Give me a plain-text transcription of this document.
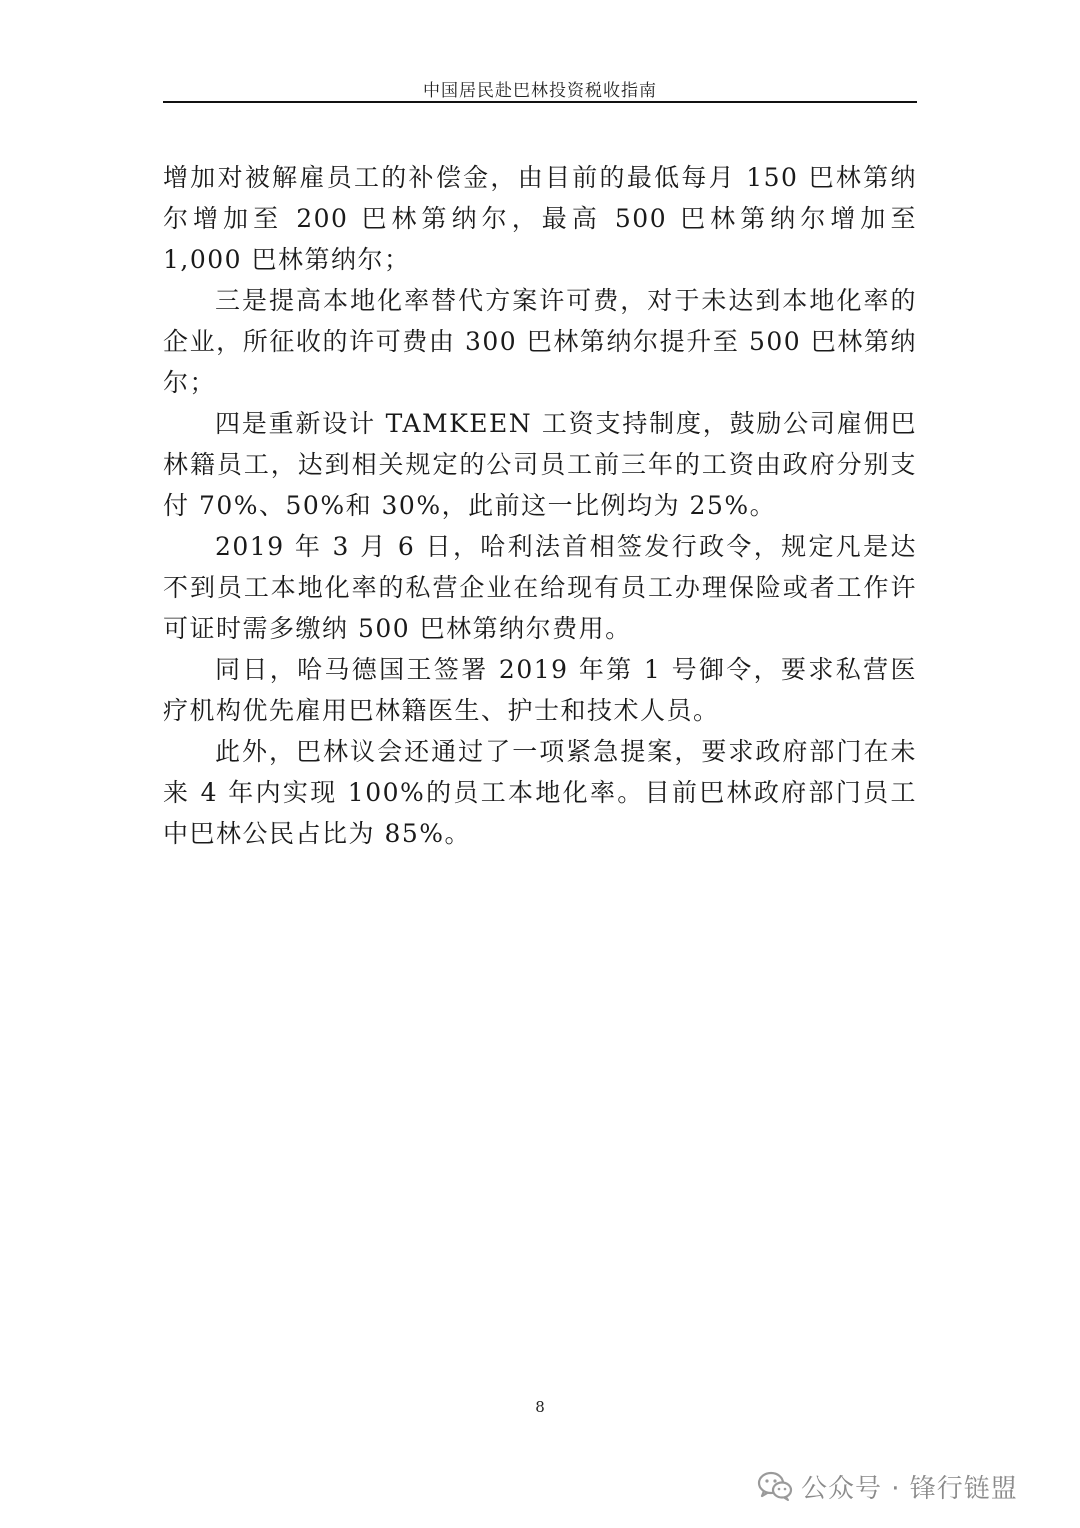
中国居民赴巴林投资税收指南

增加对被解雇员工的补偿金，由目前的最低每月 150 巴林第纳尔增加至 200 巴林第纳尔，最高 500 巴林第纳尔增加至 1,000 巴林第纳尔；

三是提高本地化率替代方案许可费，对于未达到本地化率的企业，所征收的许可费由 300 巴林第纳尔提升至 500 巴林第纳尔；

四是重新设计 TAMKEEN 工资支持制度，鼓励公司雇佣巴林籍员工，达到相关规定的公司员工前三年的工资由政府分别支付 70%、50%和 30%，此前这一比例均为 25%。

2019 年 3 月 6 日，哈利法首相签发行政令，规定凡是达不到员工本地化率的私营企业在给现有员工办理保险或者工作许可证时需多缴纳 500 巴林第纳尔费用。

同日，哈马德国王签署 2019 年第 1 号御令，要求私营医疗机构优先雇用巴林籍医生、护士和技术人员。

此外，巴林议会还通过了一项紧急提案，要求政府部门在未来 4 年内实现 100%的员工本地化率。目前巴林政府部门员工中巴林公民占比为 85%。

8
公众号 · 锋行链盟
